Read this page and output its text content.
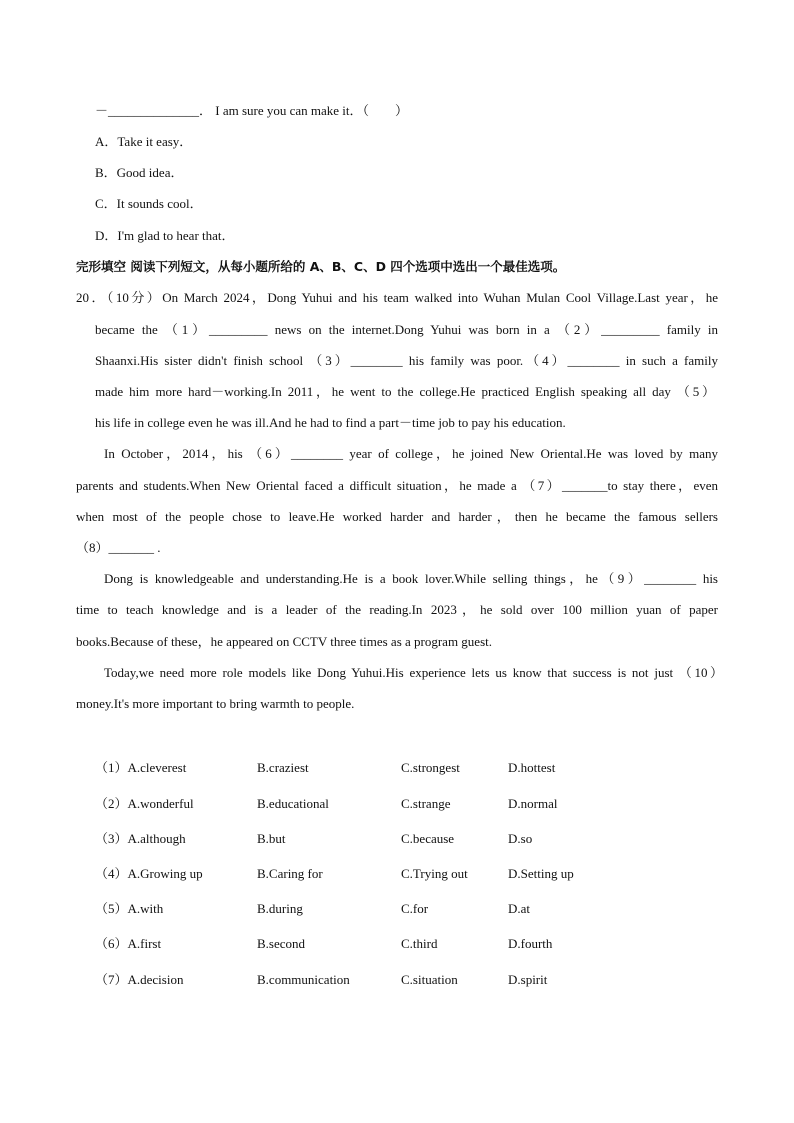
－______________． I am sure you can make it．（　　）
A．Take it easy．
B．Good idea．
C．It sounds cool．
D．I'm glad to hear that．
完形填空 阅读下列短文，从每小题所给的 A、B、C、D 四个选项中选出一个最佳选项。
20．（10分）On March 2024，Dong Yuhui and his team walked into Wuhan Mulan Cool Village.Last year，he
became the （1）_________ news on the internet.Dong Yuhui was born in a （2）_________ family in
Shaanxi.His sister didn't finish school （3）________ his family was poor.（4）________ in such a family
made him more hard－working.In 2011，he went to the college.He practiced English speaking all day （5）
his life in college even he was ill.And he had to find a part－time job to pay his education.
In October，2014，his （6）________ year of college，he joined New Oriental.He was loved by many
parents and students.When New Oriental faced a difficult situation，he made a （7）_______to stay there，even
when most of the people chose to leave.He worked harder and harder，then he became the famous sellers
（8）_______ .
Dong is knowledgeable and understanding.He is a book lover.While selling things，he（9）________ his
time to teach knowledge and is a leader of the reading.In 2023，he sold over 100 million yuan of paper
books.Because of these，he appeared on CCTV three times as a program guest.
Today,we need more role models like Dong Yuhui.His experience lets us know that success is not just （10）
money.It's more important to bring warmth to people.
（1）A.cleverest	B.craziest	C.strongest	D.hottest
（2）A.wonderful	B.educational	C.strange	D.normal
（3）A.although	B.but	C.because	D.so
（4）A.Growing up	B.Caring for	C.Trying out	D.Setting up
（5）A.with	B.during	C.for	D.at
（6）A.first	B.second	C.third	D.fourth
（7）A.decision	B.communication	C.situation	D.spirit
